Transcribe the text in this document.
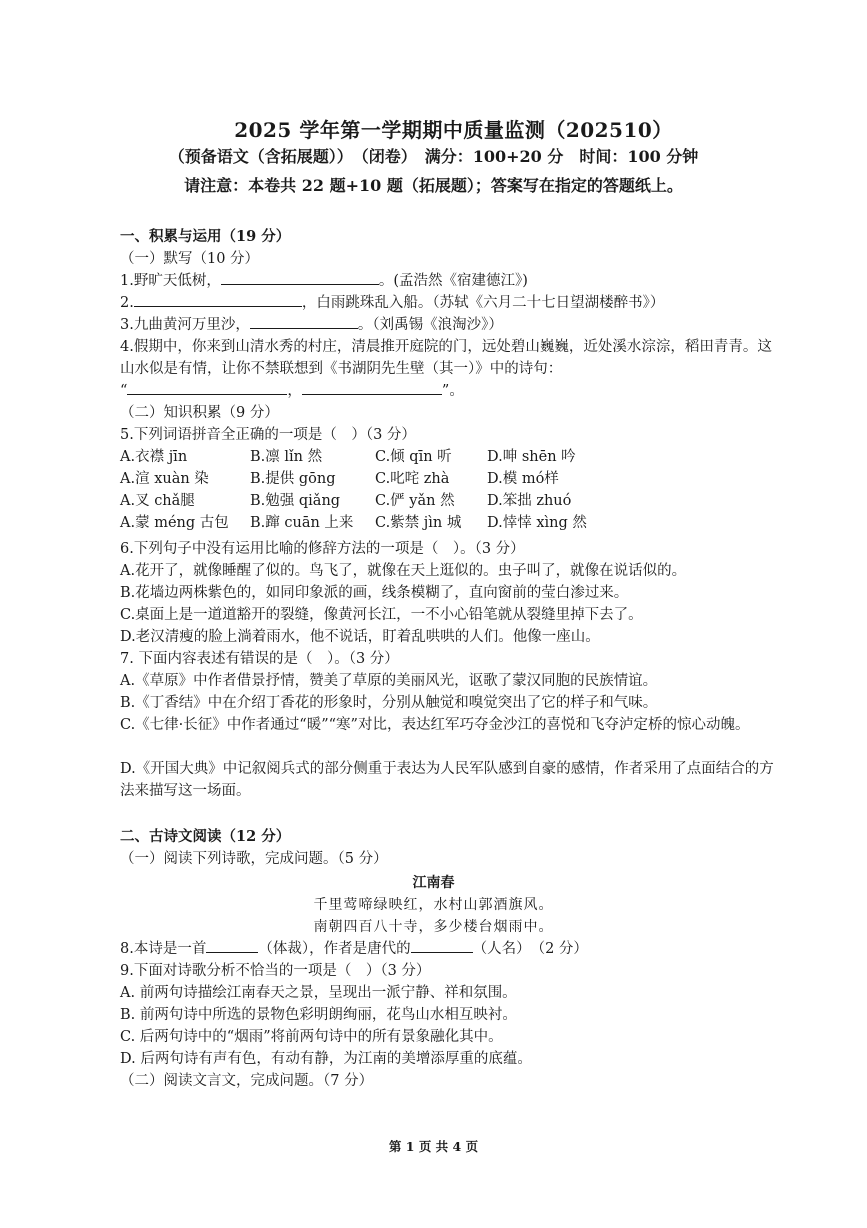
2025 学年第一学期期中质量监测（202510）
（预备语文（含拓展题））　（闭卷）　满分：100+20 分　时间：100 分钟
请注意：本卷共 22 题+10 题（拓展题）；答案写在指定的答题纸上。
一、积累与运用（19 分）
（一）默写（10 分）
1.野旷天低树，	。(孟浩然《宿建德江》)
2.	，白雨跳珠乱入船。（苏轼《六月二十七日望湖楼醉书》）
3.九曲黄河万里沙，	。（刘禹锡《浪淘沙》）
4.假期中，你来到山清水秀的村庄，清晨推开庭院的门，远处碧山巍巍，近处溪水淙淙，稻田青青。这山水似是有情，让你不禁联想到《书湖阴先生壁（其一）》中的诗句：
“	，	”。
（二）知识积累（9 分）
5.下列词语拼音全正确的一项是（　）（3 分）
A.衣襟 jīn	B.凛 lǐn 然	C.倾 qīn 听	D.呻 shēn 吟
A.渲 xuàn 染	B.提供 gōng	C.叱咤 zhà	D.模 mó样
A.叉 chǎ腿	B.勉强 qiǎng	C.俨 yǎn 然	D.笨拙 zhuó
A.蒙 méng 古包	B.蹿 cuān 上来	C.紫禁 jìn 城	D.悻悻 xìng 然
6.下列句子中没有运用比喻的修辞方法的一项是（　）。（3 分）
A.花开了，就像睡醒了似的。鸟飞了，就像在天上逛似的。虫子叫了，就像在说话似的。
B.花墙边两株紫色的，如同印象派的画，线条模糊了，直向窗前的莹白渗过来。
C.桌面上是一道道豁开的裂缝，像黄河长江，一不小心铅笔就从裂缝里掉下去了。
D.老汉清瘦的脸上淌着雨水，他不说话，盯着乱哄哄的人们。他像一座山。
7. 下面内容表述有错误的是（　）。（3 分）
A.《草原》中作者借景抒情，赞美了草原的美丽风光，讴歌了蒙汉同胞的民族情谊。
B.《丁香结》中在介绍丁香花的形象时，分别从触觉和嗅觉突出了它的样子和气味。
C.《七律·长征》中作者通过“暖”“寒”对比，表达红军巧夺金沙江的喜悦和飞夺泸定桥的惊心动魄。
D.《开国大典》中记叙阅兵式的部分侧重于表达为人民军队感到自豪的感情，作者采用了点面结合的方法来描写这一场面。
二、古诗文阅读（12 分）
（一）阅读下列诗歌，完成问题。（5 分）
江南春
千里莺啼绿映红，水村山郭酒旗风。
南朝四百八十寺，多少楼台烟雨中。
8.本诗是一首	（体裁），作者是唐代的	（人名）　（2 分）
9.下面对诗歌分析不恰当的一项是（　）（3 分）
A. 前两句诗描绘江南春天之景，呈现出一派宁静、祥和氛围。
B. 前两句诗中所选的景物色彩明朗绚丽，花鸟山水相互映衬。
C. 后两句诗中的“烟雨”将前两句诗中的所有景象融化其中。
D. 后两句诗有声有色，有动有静，为江南的美增添厚重的底蕴。
（二）阅读文言文，完成问题。（7 分）
第 1 页 共 4 页
